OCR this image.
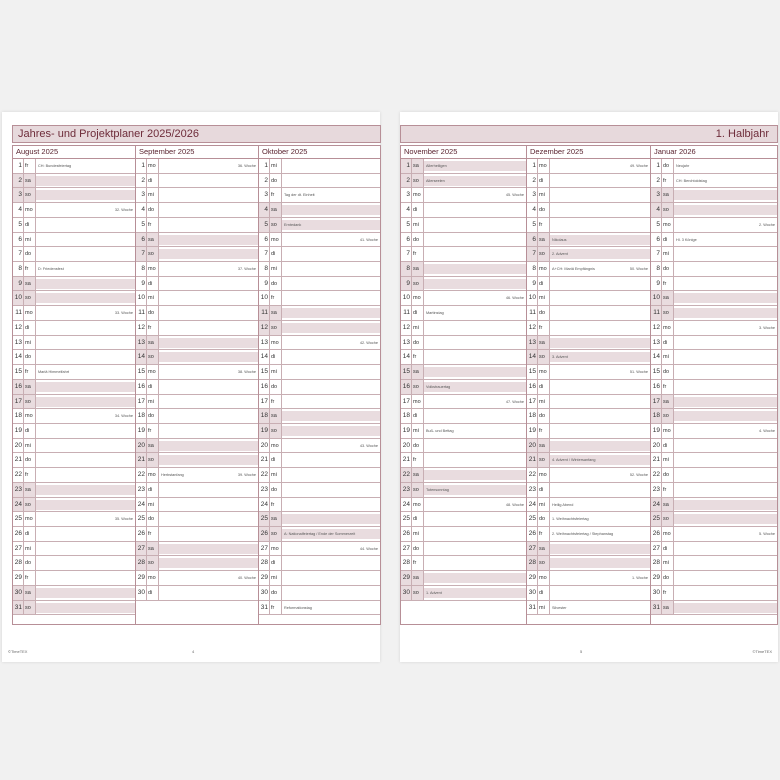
Jahres- und Projektplaner 2025/2026
August 2025
1 fr	CH: Bundesfeiertag
2 sa
3 so
4 mo	32. Woche
5 di
6 mi
7 do
8 fr	D: Friedensfest
9 sa
10 so
11 mo	33. Woche
12 di
13 mi
14 do
15 fr	Mariä Himmelfahrt
16 sa
17 so
18 mo	34. Woche
19 di
20 mi
21 do
22 fr
23 sa
24 so
25 mo	35. Woche
26 di
27 mi
28 do
29 fr
30 sa
31 so
September 2025
1 mo	36. Woche
2 di
3 mi
4 do
5 fr
6 sa
7 so
8 mo	37. Woche
9 di
10 mi
11 do
12 fr
13 sa
14 so
15 mo	38. Woche
16 di
17 mi
18 do
19 fr
20 sa
21 so
22 mo	Herbstanfang	39. Woche
23 di
24 mi
25 do
26 fr
27 sa
28 so
29 mo	40. Woche
30 di
Oktober 2025
1 mi
2 do
3 fr	Tag der dt. Einheit
4 sa
5 so	Erntedank
6 mo	41. Woche
7 di
8 mi
9 do
10 fr
11 sa
12 so
13 mo	42. Woche
14 di
15 mi
16 do
17 fr
18 sa
19 so
20 mo	43. Woche
21 di
22 mi
23 do
24 fr
25 sa
26 so	A: Nationalfeiertag / Ende der Sommerzeit
27 mo	44. Woche
28 di
29 mi
30 do
31 fr	Reformationstag
©TimeTEX	4
1. Halbjahr
November 2025
1 sa	Allerheiligen
2 so	Allerseelen
3 mo	45. Woche
4 di
5 mi
6 do
7 fr
8 sa
9 so
10 mo	46. Woche
11 di	Martinstag
12 mi
13 do
14 fr
15 sa
16 so	Volkstrauertag
17 mo	47. Woche
18 di
19 mi	Buß- und Bettag
20 do
21 fr
22 sa
23 so	Totensonntag
24 mo	48. Woche
25 di
26 mi
27 do
28 fr
29 sa
30 so	1. Advent
Dezember 2025
1 mo	49. Woche
2 di
3 mi
4 do
5 fr
6 sa	Nikolaus
7 so	2. Advent
8 mo	A+CH: Mariä Empfängnis	50. Woche
9 di
10 mi
11 do
12 fr
13 sa
14 so	3. Advent
15 mo	51. Woche
16 di
17 mi
18 do
19 fr
20 sa
21 so	4. Advent / Wintersanfang
22 mo	52. Woche
23 di
24 mi	Heilig Abend
25 do	1. Weihnachtsfeiertag
26 fr	2. Weihnachtsfeiertag / Stephanstag
27 sa
28 so
29 mo	1. Woche
30 di
31 mi	Silvester
Januar 2026
1 do	Neujahr
2 fr	CH: Berchtoldstag
3 sa
4 so
5 mo	2. Woche
6 di	Hl. 3 Könige
7 mi
8 do
9 fr
10 sa
11 so
12 mo	3. Woche
13 di
14 mi
15 do
16 fr
17 sa
18 so
19 mo	4. Woche
20 di
21 mi
22 do
23 fr
24 sa
25 so
26 mo	5. Woche
27 di
28 mi
29 do
30 fr
31 sa
5	©TimeTEX
